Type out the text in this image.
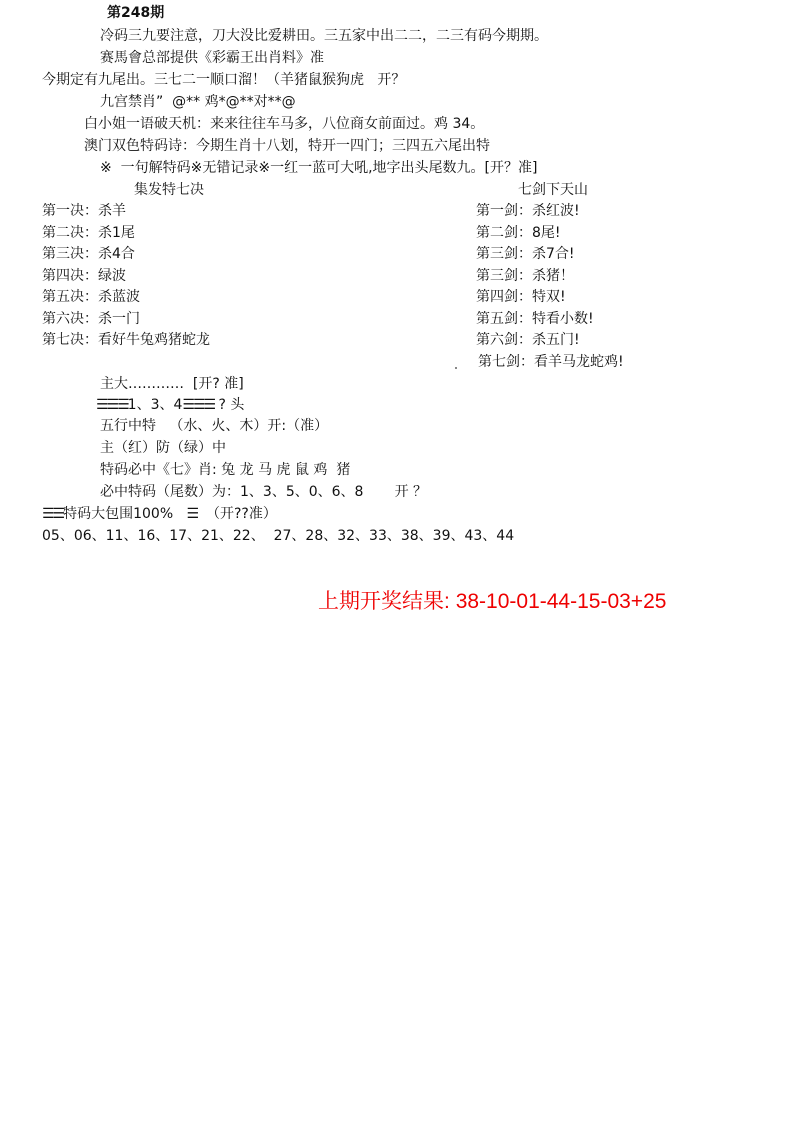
第248期
冷码三九要注意，刀大没比爱耕田。三五家中出二二，二三有码今期期。
赛馬會总部提供《彩霸王出肖料》准
今期定有九尾出。三七二一顺口溜！（羊猪鼠猴狗虎   开？
九宫禁肖”  @** 鸡*@**对**@
白小姐一语破天机：来来往往车马多，八位商女前面过。鸡 34。
澳门双色特码诗：今期生肖十八划，特开一四门；三四五六尾出特
※  一句解特码※无错记录※一红一蓝可大吼,地字出头尾数九。[开？准]
集发特七决
第一决：杀羊
第二决：杀1尾
第三决：杀4合
第四决：绿波
第五决：杀蓝波
第六决：杀一门
第七决：看好牛兔鸡猪蛇龙
七剑下天山
第一剑：杀红波!
第二剑：8尾!
第三剑：杀7合!
第三剑：杀猪！
第四剑：特双!
第五剑：特看小数!
第六剑：杀五门!
第七剑：看羊马龙蛇鸡!
主大…………  [开? 准]
☰☰☰1、3、4☰☰☰ ? 头
五行中特   （水、火、木）开:（准）
主（红）防（绿）中
特码必中《七》肖: 兔 龙 马 虎 鼠 鸡  猪
必中特码（尾数）为：1、3、5、0、6、8       开 ？
☰☰特码大包围100% ☰  （开??准）
05、06、11、16、17、21、22、  27、28、32、33、38、39、43、44
上期开奖结果: 38-10-01-44-15-03+25
